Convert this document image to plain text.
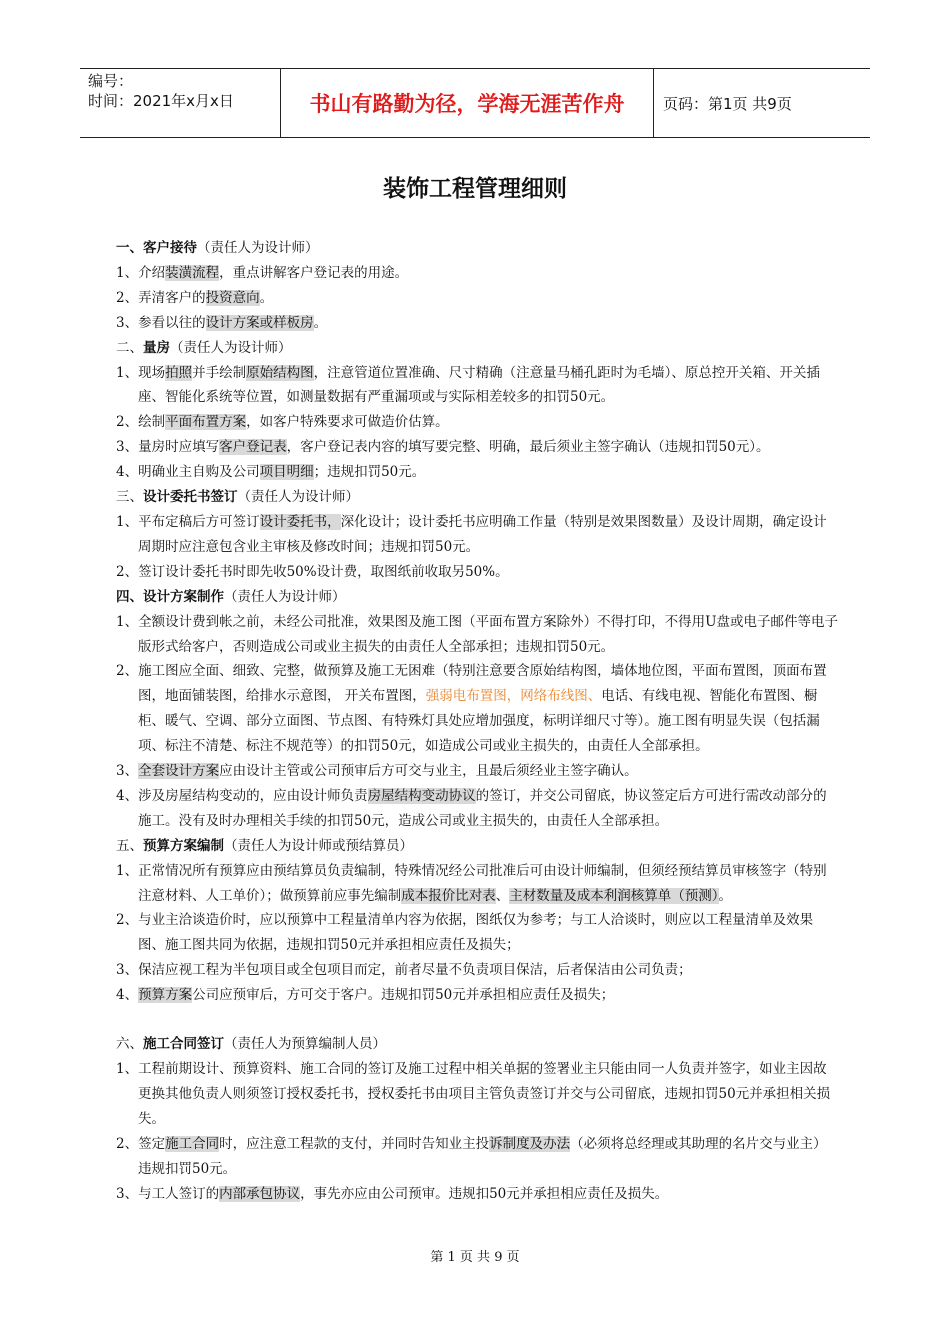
编号：
时间：2021年x月x日	书山有路勤为径，学海无涯苦作舟	页码：第1页 共9页
装饰工程管理细则

一、客户接待（责任人为设计师）

1、介绍装潢流程，重点讲解客户登记表的用途。

2、弄清客户的投资意向。

3、参看以往的设计方案或样板房。

二、量房（责任人为设计师）

1、现场拍照并手绘制原始结构图，注意管道位置准确、尺寸精确（注意量马桶孔距时为毛墙）、原总控开关箱、开关插座、智能化系统等位置，如测量数据有严重漏项或与实际相差较多的扣罚50元。

2、绘制平面布置方案，如客户特殊要求可做造价估算。

3、量房时应填写客户登记表，客户登记表内容的填写要完整、明确，最后须业主签字确认（违规扣罚50元）。

4、明确业主自购及公司项目明细；违规扣罚50元。

三、设计委托书签订（责任人为设计师）

1、平布定稿后方可签订设计委托书，深化设计；设计委托书应明确工作量（特别是效果图数量）及设计周期，确定设计周期时应注意包含业主审核及修改时间；违规扣罚50元。

2、签订设计委托书时即先收50%设计费，取图纸前收取另50%。

四、设计方案制作（责任人为设计师）

1、全额设计费到帐之前，未经公司批准，效果图及施工图（平面布置方案除外）不得打印，不得用U盘或电子邮件等电子版形式给客户，否则造成公司或业主损失的由责任人全部承担；违规扣罚50元。

2、施工图应全面、细致、完整，做预算及施工无困难（特别注意要含原始结构图，墙体地位图，平面布置图，顶面布置图，地面铺装图，给排水示意图， 开关布置图，强弱电布置图，网络布线图、电话、有线电视、智能化布置图、橱柜、暖气、空调、部分立面图、节点图、有特殊灯具处应增加强度，标明详细尺寸等）。施工图有明显失误（包括漏项、标注不清楚、标注不规范等）的扣罚50元，如造成公司或业主损失的，由责任人全部承担。

3、全套设计方案应由设计主管或公司预审后方可交与业主，且最后须经业主签字确认。

4、涉及房屋结构变动的，应由设计师负责房屋结构变动协议的签订，并交公司留底，协议签定后方可进行需改动部分的施工。没有及时办理相关手续的扣罚50元，造成公司或业主损失的，由责任人全部承担。

五、预算方案编制（责任人为设计师或预结算员）

1、正常情况所有预算应由预结算员负责编制，特殊情况经公司批准后可由设计师编制，但须经预结算员审核签字（特别注意材料、人工单价）；做预算前应事先编制成本报价比对表、主材数量及成本利润核算单（预测）。

2、与业主洽谈造价时，应以预算中工程量清单内容为依据，图纸仅为参考；与工人洽谈时，则应以工程量清单及效果图、施工图共同为依据，违规扣罚50元并承担相应责任及损失；

3、保洁应视工程为半包项目或全包项目而定，前者尽量不负责项目保洁，后者保洁由公司负责；

4、预算方案公司应预审后，方可交于客户。违规扣罚50元并承担相应责任及损失；

六、施工合同签订（责任人为预算编制人员）

1、工程前期设计、预算资料、施工合同的签订及施工过程中相关单据的签署业主只能由同一人负责并签字，如业主因故更换其他负责人则须签订授权委托书，授权委托书由项目主管负责签订并交与公司留底，违规扣罚50元并承担相关损失。

2、签定施工合同时，应注意工程款的支付，并同时告知业主投诉制度及办法（必须将总经理或其助理的名片交与业主）违规扣罚50元。

3、与工人签订的内部承包协议，事先亦应由公司预审。违规扣50元并承担相应责任及损失。

第 1 页 共 9 页
